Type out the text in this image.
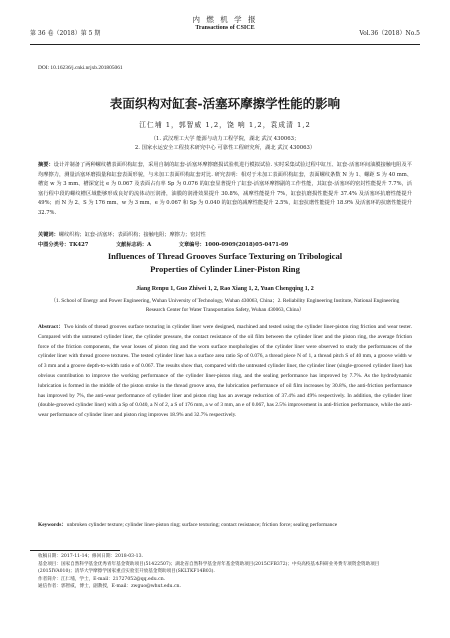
第 36 卷（2018）第 5 期
内 燃 机 学 报
Transactions of CSICE
Vol.36（2018）No.5
DOI: 10.16236/j.cnki.nrjxb.201805061
表面织构对缸套-活塞环摩擦学性能的影响
江仁埔 1，郭智威 1,2，饶 响 1,2，袁成清 1,2
（1. 武汉理工大学 能源与动力工程学院，湖北 武汉 430063；
2. 国家水运安全工程技术研究中心 可靠性工程研究所，湖北 武汉 430063）
摘要：设计并制备了两种螺纹槽表面织构缸套，采用自制的缸套-活塞环摩擦磨损试验机进行模拟试验. 实时采集试验过程中缸压、缸套-活塞环间油膜接触电阻及平均摩擦力，测量活塞环磨损量和缸套表面形貌，与未加工表面织构缸套对比. 研究表明：相对于未加工表面织构缸套，表面螺纹条数 N 为 1、螺距 S 为 40 mm、槽宽 w 为 3 mm、槽深宽比 e 为 0.067 及表面占有率 Sp 为 0.076 的缸套显著提升了缸套-活塞环摩擦副的工作性能，其缸套-活塞环的密封性能提升 7.7%，活塞行程中段的螺纹槽区域能够形成良好的流体动压润滑，油膜的润滑效果提升 30.8%，减摩性能提升 7%，缸套抗磨损性能提升 37.4% 及活塞环抗磨性能提升 49%；而 N 为 2、S 为 176 mm、w 为 3 mm、e 为 0.067 和 Sp 为 0.040 的缸套的减摩性能提升 2.5%，缸套抗磨性能提升 18.9% 及活塞环的抗磨性能提升 32.7%.
关键词：螺纹织构；缸套-活塞环；表面织构；接触电阻；摩擦力；密封性
中图分类号：TK427	文献标志码：A	文章编号：1000-0909(2018)05-0471-09
Influences of Thread Grooves Surface Texturing on Tribological
Properties of Cylinder Liner-Piston Ring
Jiang Renpu 1, Guo Zhiwei 1, 2, Rao Xiang 1, 2, Yuan Chengqing 1, 2
（1. School of Energy and Power Engineering, Wuhan University of Technology, Wuhan 430063, China；2. Reliability Engineering Institute, National Engineering Research Center for Water Transportation Safety, Wuhan 430063, China）
Abstract：Two kinds of thread grooves surface texturing in cylinder liner were designed, machined and tested using the cylinder liner-piston ring friction and wear tester. Compared with the untreated cylinder liner, the cylinder pressure, the contact resistance of the oil film between the cylinder liner and the piston ring, the average friction force of the friction components, the wear losses of piston ring and the worn surface morphologies of the cylinder liner were observed to study the performances of the cylinder liner with thread groove textures. The tested cylinder liner has a surface area ratio Sp of 0.076, a thread piece N of 1, a thread pitch S of 40 mm, a groove width w of 3 mm and a groove depth-to-width ratio e of 0.067. The results show that, compared with the untreated cylinder liner, the cylinder liner (single-grooved cylinder liner) has obvious contribution to improve the working performance of the cylinder liner-piston ring, and the sealing performance has improved by 7.7%. As the hydrodynamic lubrication is formed in the middle of the piston stroke in the thread groove area, the lubrication performance of oil film increases by 30.8%, the anti-friction performance has improved by 7%, the anti-wear performance of cylinder liner and piston ring has an average reduction of 37.4% and 49% respectively. In addition, the cylinder liner (double-grooved cylinder liner) with a Sp of 0.040, a N of 2, a S of 176 mm, a w of 3 mm, an e of 0.067, has 2.5% improvement in anti-friction performance, while the anti-wear performance of cylinder liner and piston ring improves 18.9% and 32.7% respectively.
Keywords：unbroken cylinder texture; cylinder liner-piston ring; surface texturing; contact resistance; friction force; sealing performance
收稿日期：2017-11-14；修回日期：2018-03-13.
基金项目：国家自然科学基金优秀青年基金资助项目(51422507)；湖北省自然科学基金青年基金资助项目(2015CFB372)；中央高校基本科研业务费专项资金资助项目(2015IVA010)；清华大学摩擦学国家重点实验室开放基金资助项目(SKLTKF14B03).
作者简介：江仁埔，学士，E-mail：21727052@qq.edu.cn.
通信作者：郭智威，博士，副教授，E-mail：zwguo@whut.edu.cn.
